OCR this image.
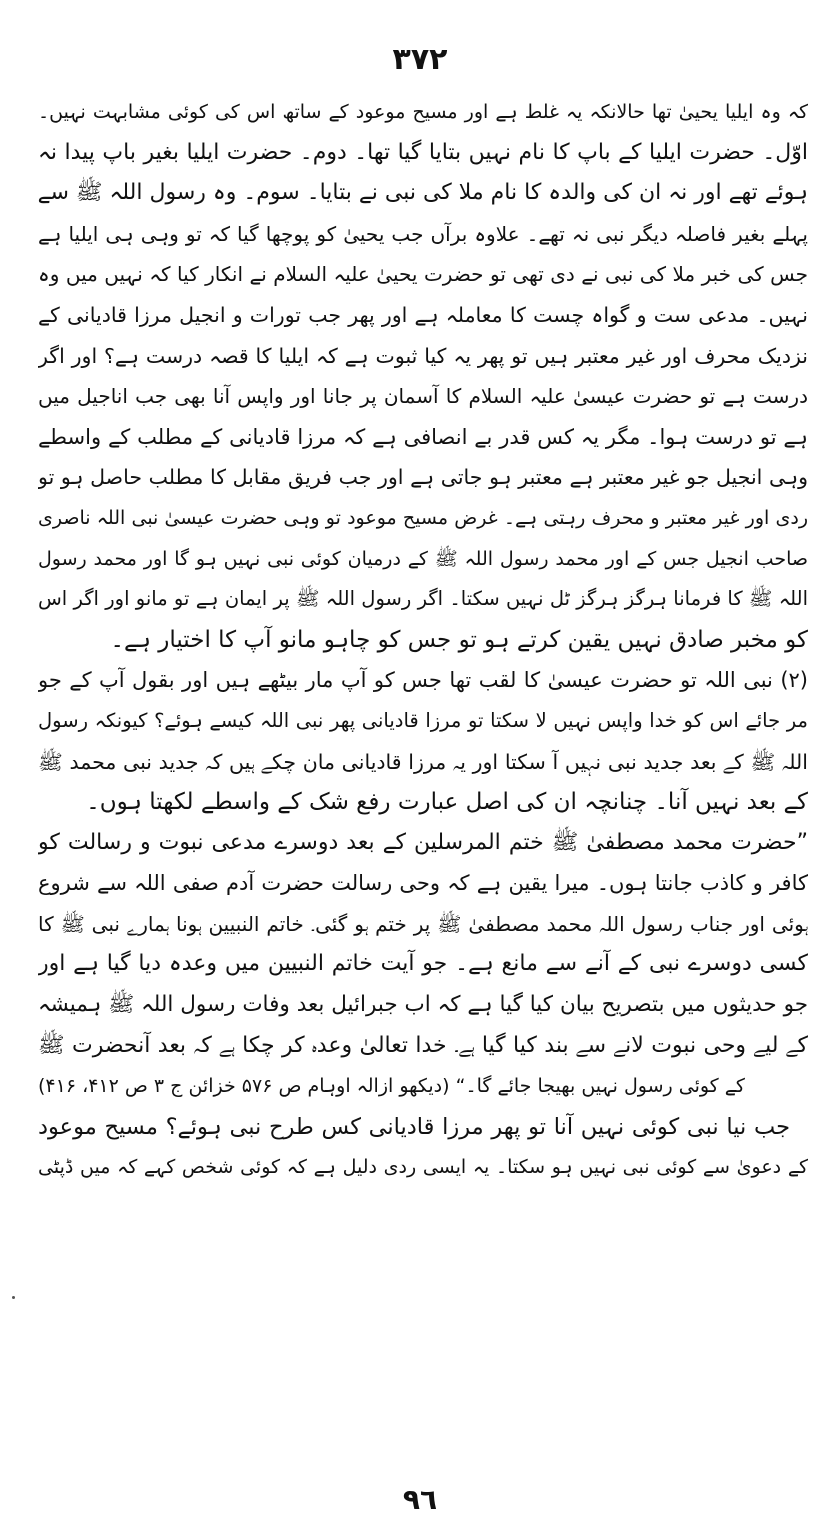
٣٧٢
کہ وہ ایلیا یحییٰ تھا حالانکہ یہ غلط ہے اور مسیح موعود کے ساتھ اس کی کوئی مشابہت نہیں۔
اوّل۔ حضرت ایلیا کے باپ کا نام نہیں بتایا گیا تھا۔ دوم۔ حضرت ایلیا بغیر باپ پیدا نہ
ہوئے تھے اور نہ ان کی والدہ کا نام ملا کی نبی نے بتایا۔ سوم۔ وہ رسول اللہ ﷺ سے
پہلے بغیر فاصلہ دیگر نبی نہ تھے۔ علاوہ برآں جب یحییٰ کو پوچھا گیا کہ تو وہی ہی ایلیا ہے
جس کی خبر ملا کی نبی نے دی تھی تو حضرت یحییٰ علیہ السلام نے انکار کیا کہ نہیں میں وہ
نہیں۔ مدعی ست و گواہ چست کا معاملہ ہے اور پھر جب تورات و انجیل مرزا قادیانی کے
نزدیک محرف اور غیر معتبر ہیں تو پھر یہ کیا ثبوت ہے کہ ایلیا کا قصہ درست ہے؟ اور اگر
درست ہے تو حضرت عیسیٰ علیہ السلام کا آسمان پر جانا اور واپس آنا بھی جب اناجیل میں
ہے تو درست ہوا۔ مگر یہ کس قدر بے انصافی ہے کہ مرزا قادیانی کے مطلب کے واسطے
وہی انجیل جو غیر معتبر ہے معتبر ہو جاتی ہے اور جب فریق مقابل کا مطلب حاصل ہو تو
ردی اور غیر معتبر و محرف رہتی ہے۔ غرض مسیح موعود تو وہی حضرت عیسیٰ نبی اللہ ناصری
صاحب انجیل جس کے اور محمد رسول اللہ ﷺ کے درمیان کوئی نبی نہیں ہو گا اور محمد رسول
اللہ ﷺ کا فرمانا ہرگز ہرگز ٹل نہیں سکتا۔ اگر رسول اللہ ﷺ پر ایمان ہے تو مانو اور اگر اس
کو مخبر صادق نہیں یقین کرتے ہو تو جس کو چاہو مانو آپ کا اختیار ہے۔
(۲) نبی اللہ تو حضرت عیسیٰ کا لقب تھا جس کو آپ مار بیٹھے ہیں اور بقول آپ کے جو
مر جائے اس کو خدا واپس نہیں لا سکتا تو مرزا قادیانی پھر نبی اللہ کیسے ہوئے؟ کیونکہ رسول
اللہ ﷺ کے بعد جدید نبی نہیں آ سکتا اور یہ مرزا قادیانی مان چکے ہیں کہ جدید نبی محمد ﷺ
کے بعد نہیں آنا۔ چنانچہ ان کی اصل عبارت رفع شک کے واسطے لکھتا ہوں۔
”حضرت محمد مصطفیٰ ﷺ ختم المرسلین کے بعد دوسرے مدعی نبوت و رسالت کو
کافر و کاذب جانتا ہوں۔ میرا یقین ہے کہ وحی رسالت حضرت آدم صفی اللہ سے شروع
ہوئی اور جناب رسول اللہ محمد مصطفیٰ ﷺ پر ختم ہو گئی۔ خاتم النبیین ہونا ہمارے نبی ﷺ کا
کسی دوسرے نبی کے آنے سے مانع ہے۔ جو آیت خاتم النبیین میں وعدہ دیا گیا ہے اور
جو حدیثوں میں بتصریح بیان کیا گیا ہے کہ اب جبرائیل بعد وفات رسول اللہ ﷺ ہمیشہ
کے لیے وحی نبوت لانے سے بند کیا گیا ہے۔ خدا تعالیٰ وعدہ کر چکا ہے کہ بعد آنحضرت ﷺ
کے کوئی رسول نہیں بھیجا جائے گا۔“ (دیکھو ازالہ اوہام ص ۵۷۶ خزائن ج ۳ ص ۴۱۲، ۴۱۶)
جب نیا نبی کوئی نہیں آنا تو پھر مرزا قادیانی کس طرح نبی ہوئے؟ مسیح موعود
کے دعویٰ سے کوئی نبی نہیں ہو سکتا۔ یہ ایسی ردی دلیل ہے کہ کوئی شخص کہے کہ میں ڈپٹی
٩٦
